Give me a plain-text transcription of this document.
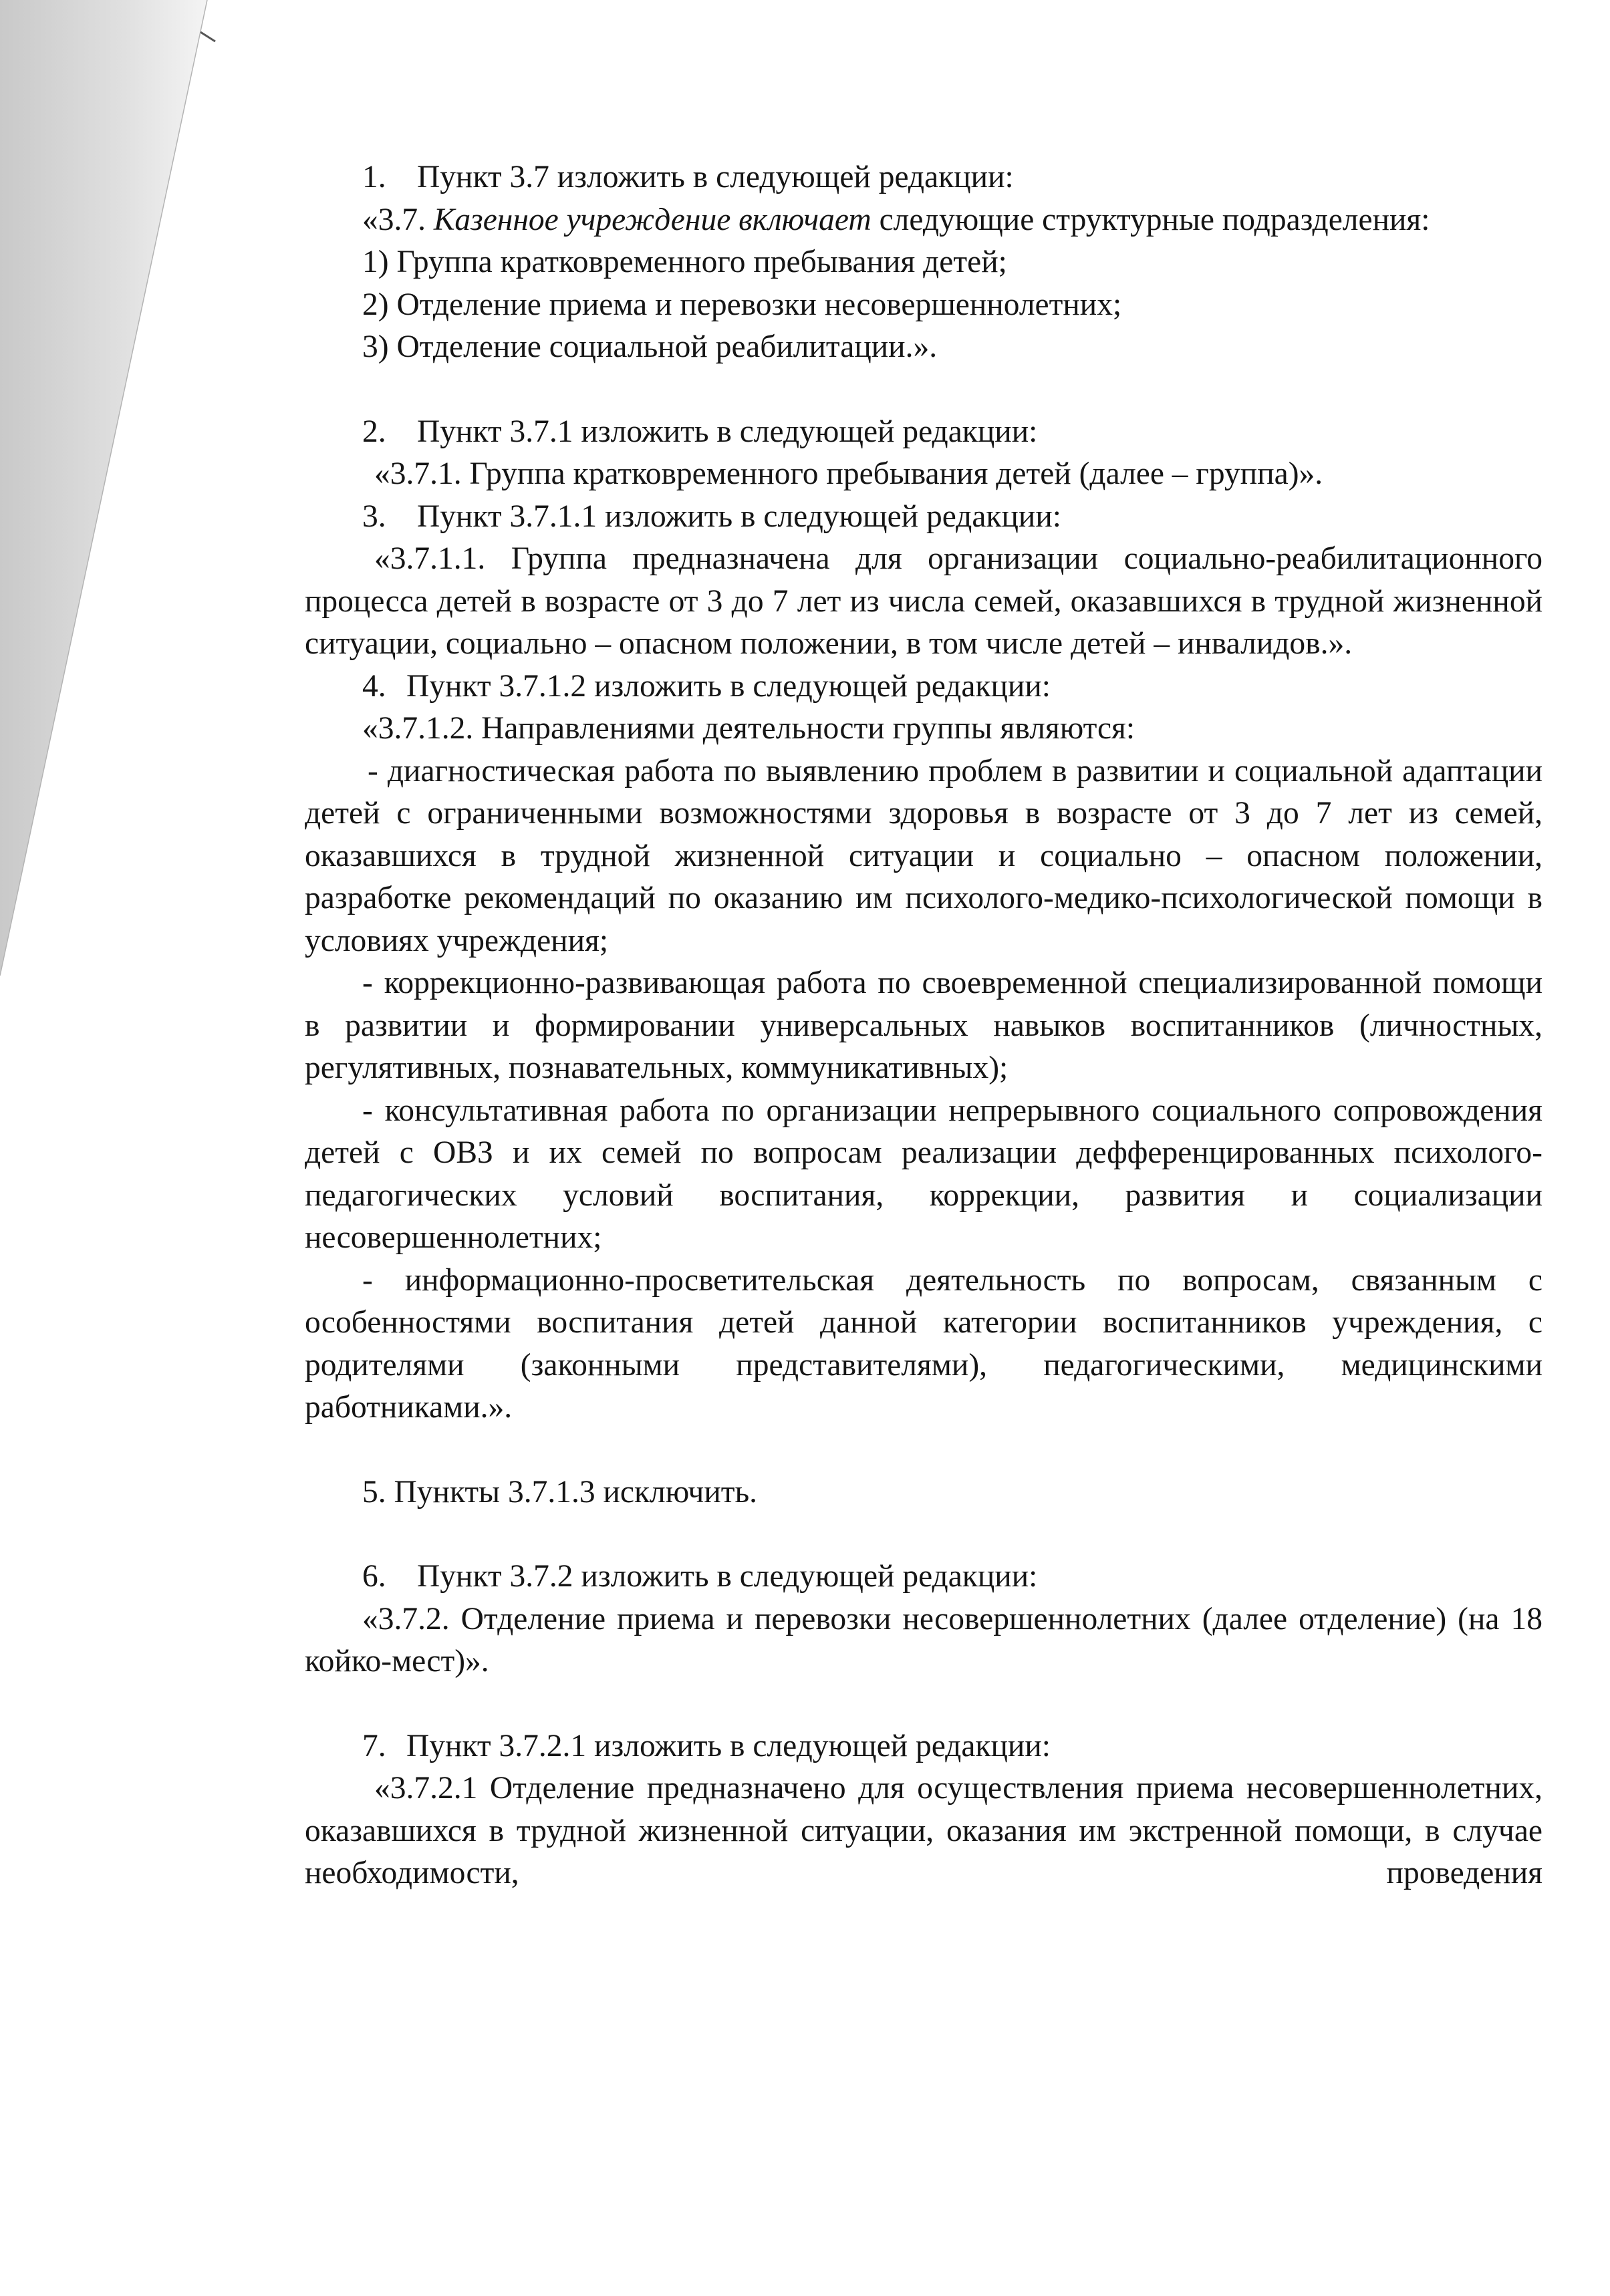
1. Пункт 3.7 изложить в следующей редакции:

«3.7. Казенное учреждение включает следующие структурные подразделения:

1) Группа кратковременного пребывания детей;

2) Отделение приема и перевозки несовершеннолетних;

3) Отделение социальной реабилитации.».

2. Пункт 3.7.1 изложить в следующей редакции:

«3.7.1. Группа кратковременного пребывания детей (далее – группа)».

3. Пункт 3.7.1.1 изложить в следующей редакции:

«3.7.1.1. Группа предназначена для организации социально-реабилитационного процесса детей в возрасте от 3 до 7 лет из числа семей, оказавшихся в трудной жизненной ситуации, социально – опасном положении, в том числе детей – инвалидов.».

4. Пункт 3.7.1.2 изложить в следующей редакции:

«3.7.1.2. Направлениями деятельности группы являются:

- диагностическая работа по выявлению проблем в развитии и социальной адаптации детей с ограниченными возможностями здоровья в возрасте от 3 до 7 лет из семей, оказавшихся в трудной жизненной ситуации и социально – опасном положении, разработке рекомендаций по оказанию им психолого-медико-психологической помощи в условиях учреждения;

- коррекционно-развивающая работа по своевременной специализированной помощи в развитии и формировании универсальных навыков воспитанников (личностных, регулятивных, познавательных, коммуникативных);

- консультативная работа по организации непрерывного социального сопровождения детей с ОВЗ и их семей по вопросам реализации дефференцированных психолого-педагогических условий воспитания, коррекции, развития и социализации несовершеннолетних;

- информационно-просветительская деятельность по вопросам, связанным с особенностями воспитания детей данной категории воспитанников учреждения, с родителями (законными представителями), педагогическими, медицинскими работниками.».

5. Пункты 3.7.1.3 исключить.

6. Пункт 3.7.2 изложить в следующей редакции:

«3.7.2. Отделение приема и перевозки несовершеннолетних (далее отделение) (на 18 койко-мест)».

7. Пункт 3.7.2.1 изложить в следующей редакции:

«3.7.2.1 Отделение предназначено для осуществления приема несовершеннолетних, оказавшихся в трудной жизненной ситуации, оказания им экстренной помощи, в случае необходимости, проведения
